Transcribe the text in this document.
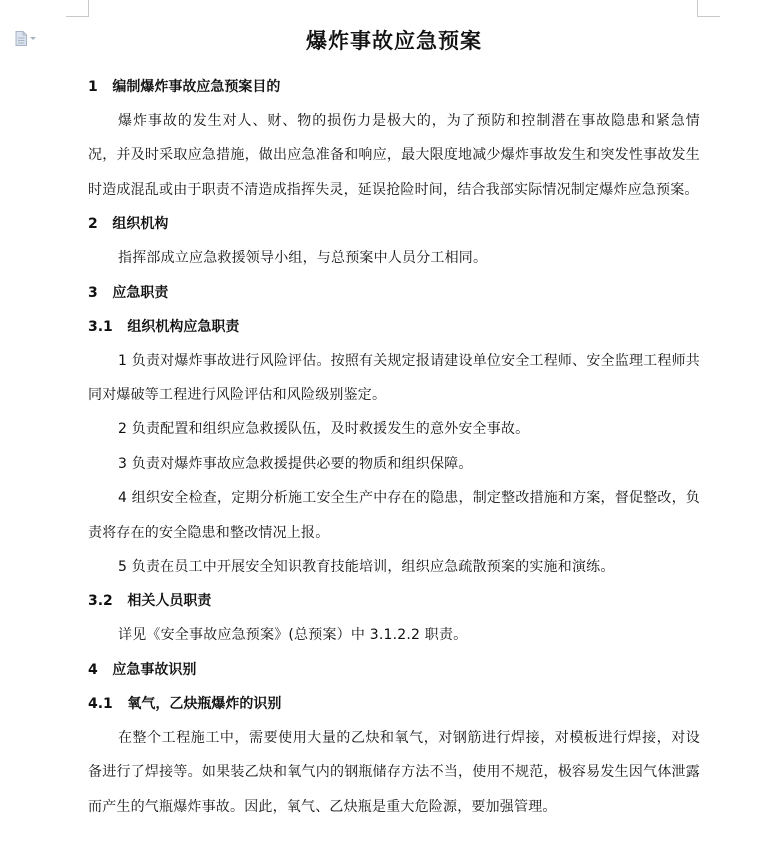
爆炸事故应急预案

1   编制爆炸事故应急预案目的

爆炸事故的发生对人、财、物的损伤力是极大的，为了预防和控制潜在事故隐患和紧急情况，并及时采取应急措施，做出应急准备和响应，最大限度地减少爆炸事故发生和突发性事故发生时造成混乱或由于职责不清造成指挥失灵，延误抢险时间，结合我部实际情况制定爆炸应急预案。

2   组织机构

指挥部成立应急救援领导小组，与总预案中人员分工相同。

3   应急职责

3.1   组织机构应急职责

1 负责对爆炸事故进行风险评估。按照有关规定报请建设单位安全工程师、安全监理工程师共同对爆破等工程进行风险评估和风险级别鉴定。

2 负责配置和组织应急救援队伍，及时救援发生的意外安全事故。

3 负责对爆炸事故应急救援提供必要的物质和组织保障。

4 组织安全检查，定期分析施工安全生产中存在的隐患，制定整改措施和方案，督促整改，负责将存在的安全隐患和整改情况上报。

5 负责在员工中开展安全知识教育技能培训，组织应急疏散预案的实施和演练。

3.2   相关人员职责

详见《安全事故应急预案》(总预案）中 3.1.2.2 职责。

4   应急事故识别

4.1   氧气，乙炔瓶爆炸的识别

在整个工程施工中，需要使用大量的乙炔和氧气，对钢筋进行焊接，对模板进行焊接，对设备进行了焊接等。如果装乙炔和氧气内的钢瓶储存方法不当，使用不规范，极容易发生因气体泄露而产生的气瓶爆炸事故。因此，氧气、乙炔瓶是重大危险源，要加强管理。
